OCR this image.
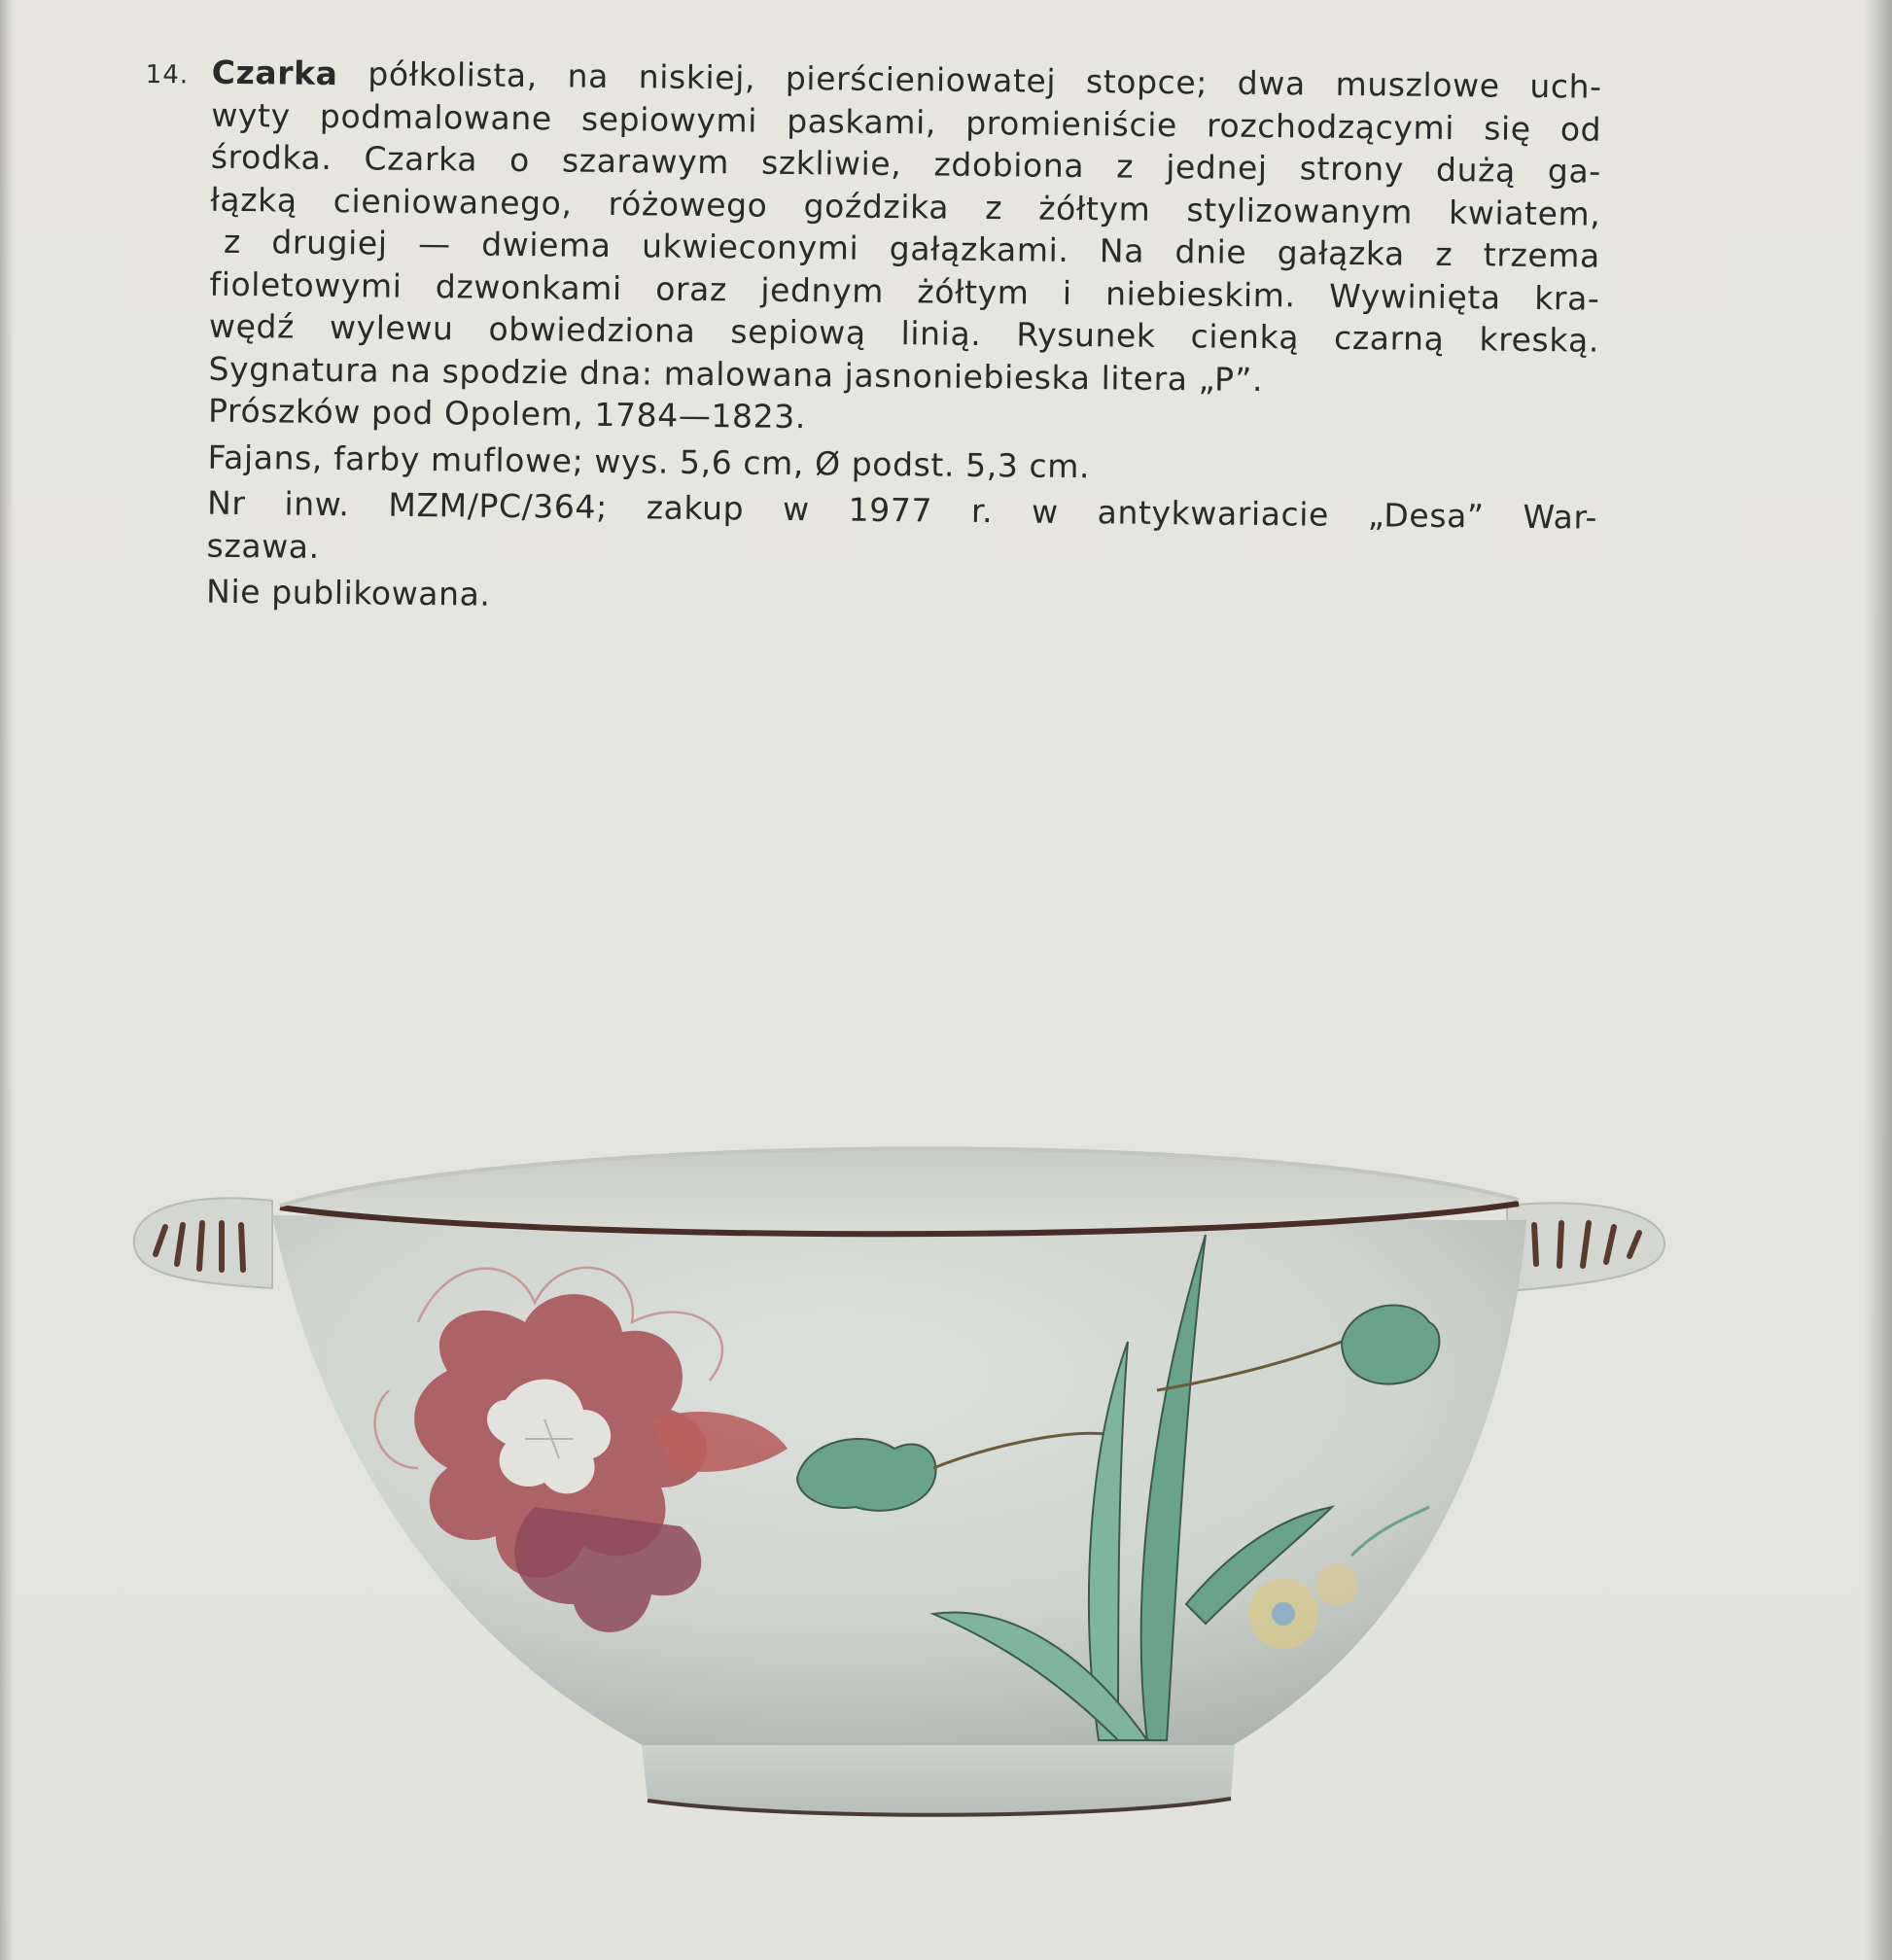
14. Czarka półkolista, na niskiej, pierścieniowatej stopce; dwa muszlowe uch-
wyty podmalowane sepiowymi paskami, promieniście rozchodzącymi się od
środka. Czarka o szarawym szkliwie, zdobiona z jednej strony dużą ga-
łązką cieniowanego, różowego goździka z żółtym stylizowanym kwiatem,
z drugiej — dwiema ukwieconymi gałązkami. Na dnie gałązka z trzema
fioletowymi dzwonkami oraz jednym żółtym i niebieskim. Wywinięta kra-
wędź wylewu obwiedziona sepiową linią. Rysunek cienką czarną kreską.
Sygnatura na spodzie dna: malowana jasnoniebieska litera „P”.
Prószków pod Opolem, 1784—1823.
Fajans, farby muflowe; wys. 5,6 cm, Ø podst. 5,3 cm.
Nr inw. MZM/PC/364; zakup w 1977 r. w antykwariacie „Desa” War-
szawa.
Nie publikowana.
